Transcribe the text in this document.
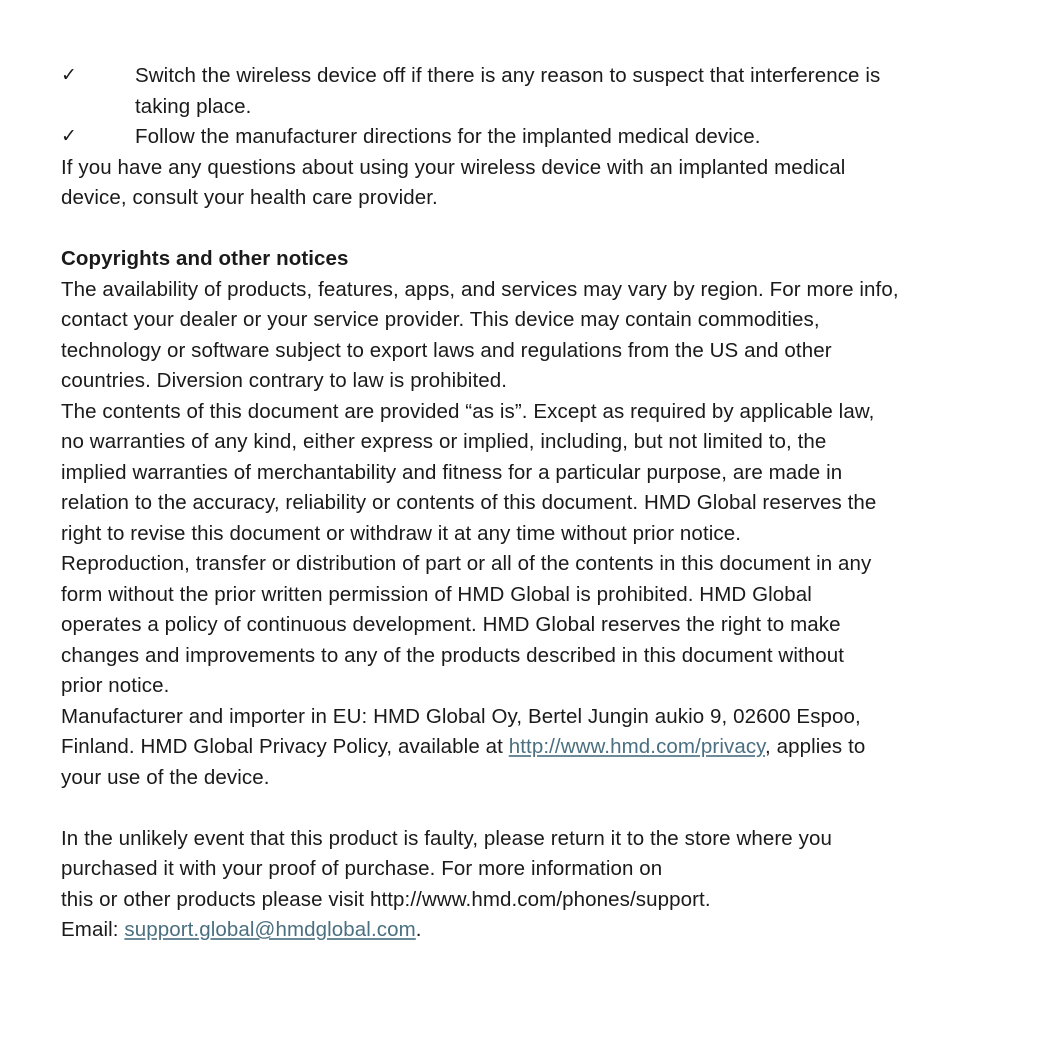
✓	Switch the wireless device off if there is any reason to suspect that interference is
taking place.
✓	Follow the manufacturer directions for the implanted medical device.
If you have any questions about using your wireless device with an implanted medical
device, consult your health care provider.
Copyrights and other notices
The availability of products, features, apps, and services may vary by region. For more info,
contact your dealer or your service provider. This device may contain commodities,
technology or software subject to export laws and regulations from the US and other
countries. Diversion contrary to law is prohibited.
The contents of this document are provided “as is”. Except as required by applicable law,
no warranties of any kind, either express or implied, including, but not limited to, the
implied warranties of merchantability and fitness for a particular purpose, are made in
relation to the accuracy, reliability or contents of this document. HMD Global reserves the
right to revise this document or withdraw it at any time without prior notice.
Reproduction, transfer or distribution of part or all of the contents in this document in any
form without the prior written permission of HMD Global is prohibited. HMD Global
operates a policy of continuous development. HMD Global reserves the right to make
changes and improvements to any of the products described in this document without
prior notice.
Manufacturer and importer in EU: HMD Global Oy, Bertel Jungin aukio 9, 02600 Espoo,
Finland. HMD Global Privacy Policy, available at http://www.hmd.com/privacy, applies to
your use of the device.
In the unlikely event that this product is faulty, please return it to the store where you
purchased it with your proof of purchase. For more information on
this or other products please visit http://www.hmd.com/phones/support.
Email: support.global@hmdglobal.com.
